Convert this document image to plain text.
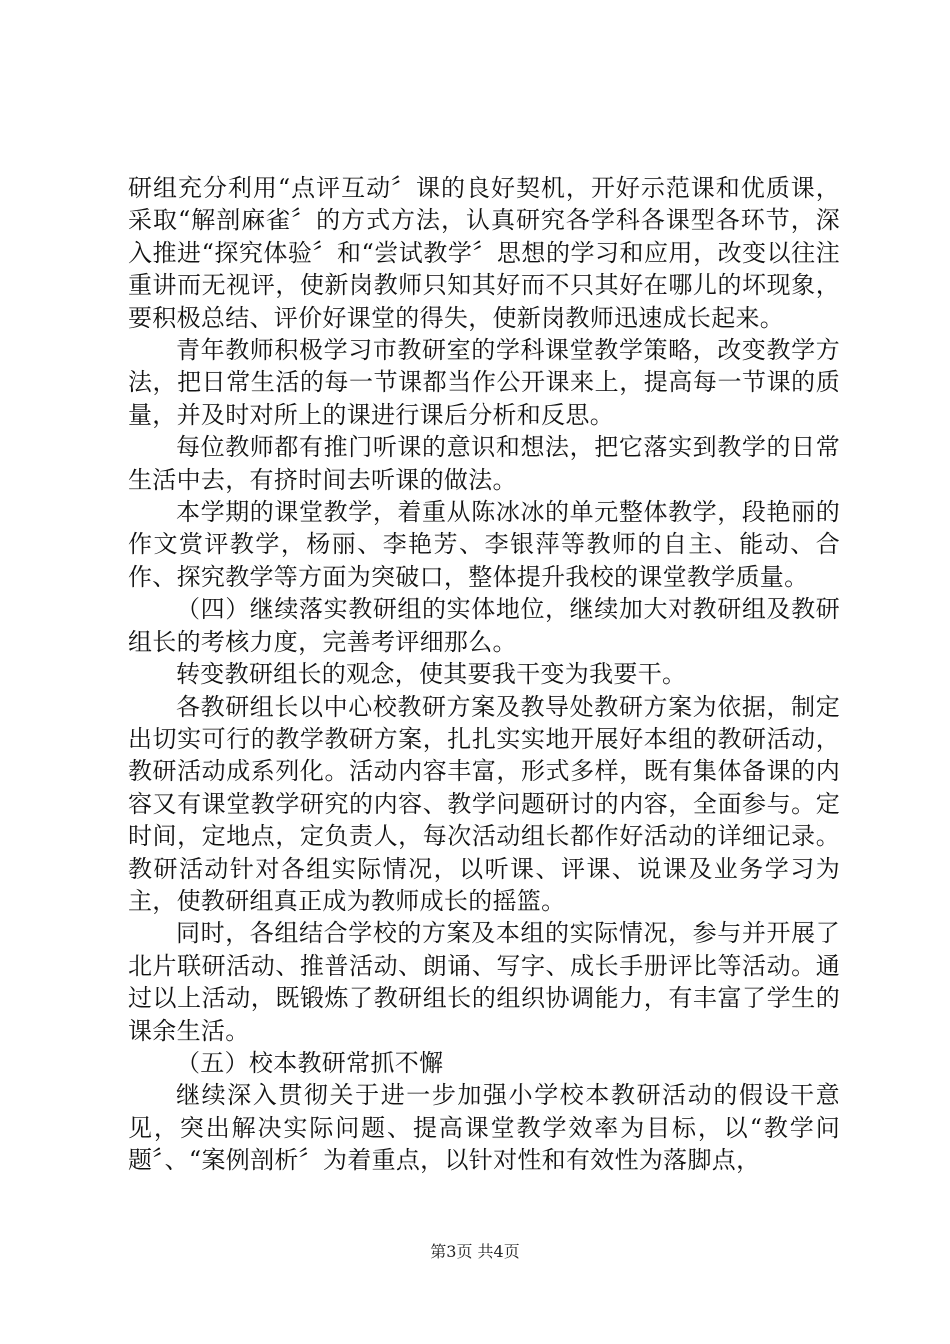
研组充分利用“点评互动〞课的良好契机，开好示范课和优质课，采取“解剖麻雀〞的方式方法，认真研究各学科各课型各环节，深入推进“探究体验〞和“尝试教学〞思想的学习和应用，改变以往注重讲而无视评，使新岗教师只知其好而不只其好在哪儿的坏现象，要积极总结、评价好课堂的得失，使新岗教师迅速成长起来。

青年教师积极学习市教研室的学科课堂教学策略，改变教学方法，把日常生活的每一节课都当作公开课来上，提高每一节课的质量，并及时对所上的课进行课后分析和反思。

每位教师都有推门听课的意识和想法，把它落实到教学的日常生活中去，有挤时间去听课的做法。

本学期的课堂教学，着重从陈冰冰的单元整体教学，段艳丽的作文赏评教学，杨丽、李艳芳、李银萍等教师的自主、能动、合作、探究教学等方面为突破口，整体提升我校的课堂教学质量。

（四）继续落实教研组的实体地位，继续加大对教研组及教研组长的考核力度，完善考评细那么。

转变教研组长的观念，使其要我干变为我要干。

各教研组长以中心校教研方案及教导处教研方案为依据，制定出切实可行的教学教研方案，扎扎实实地开展好本组的教研活动，教研活动成系列化。活动内容丰富，形式多样，既有集体备课的内容又有课堂教学研究的内容、教学问题研讨的内容，全面参与。定时间，定地点，定负责人，每次活动组长都作好活动的详细记录。教研活动针对各组实际情况，以听课、评课、说课及业务学习为主，使教研组真正成为教师成长的摇篮。

同时，各组结合学校的方案及本组的实际情况，参与并开展了北片联研活动、推普活动、朗诵、写字、成长手册评比等活动。通过以上活动，既锻炼了教研组长的组织协调能力，有丰富了学生的课余生活。

（五）校本教研常抓不懈

继续深入贯彻关于进一步加强小学校本教研活动的假设干意见，突出解决实际问题、提高课堂教学效率为目标，以“教学问题〞、“案例剖析〞为着重点，以针对性和有效性为落脚点，

第3页 共4页
